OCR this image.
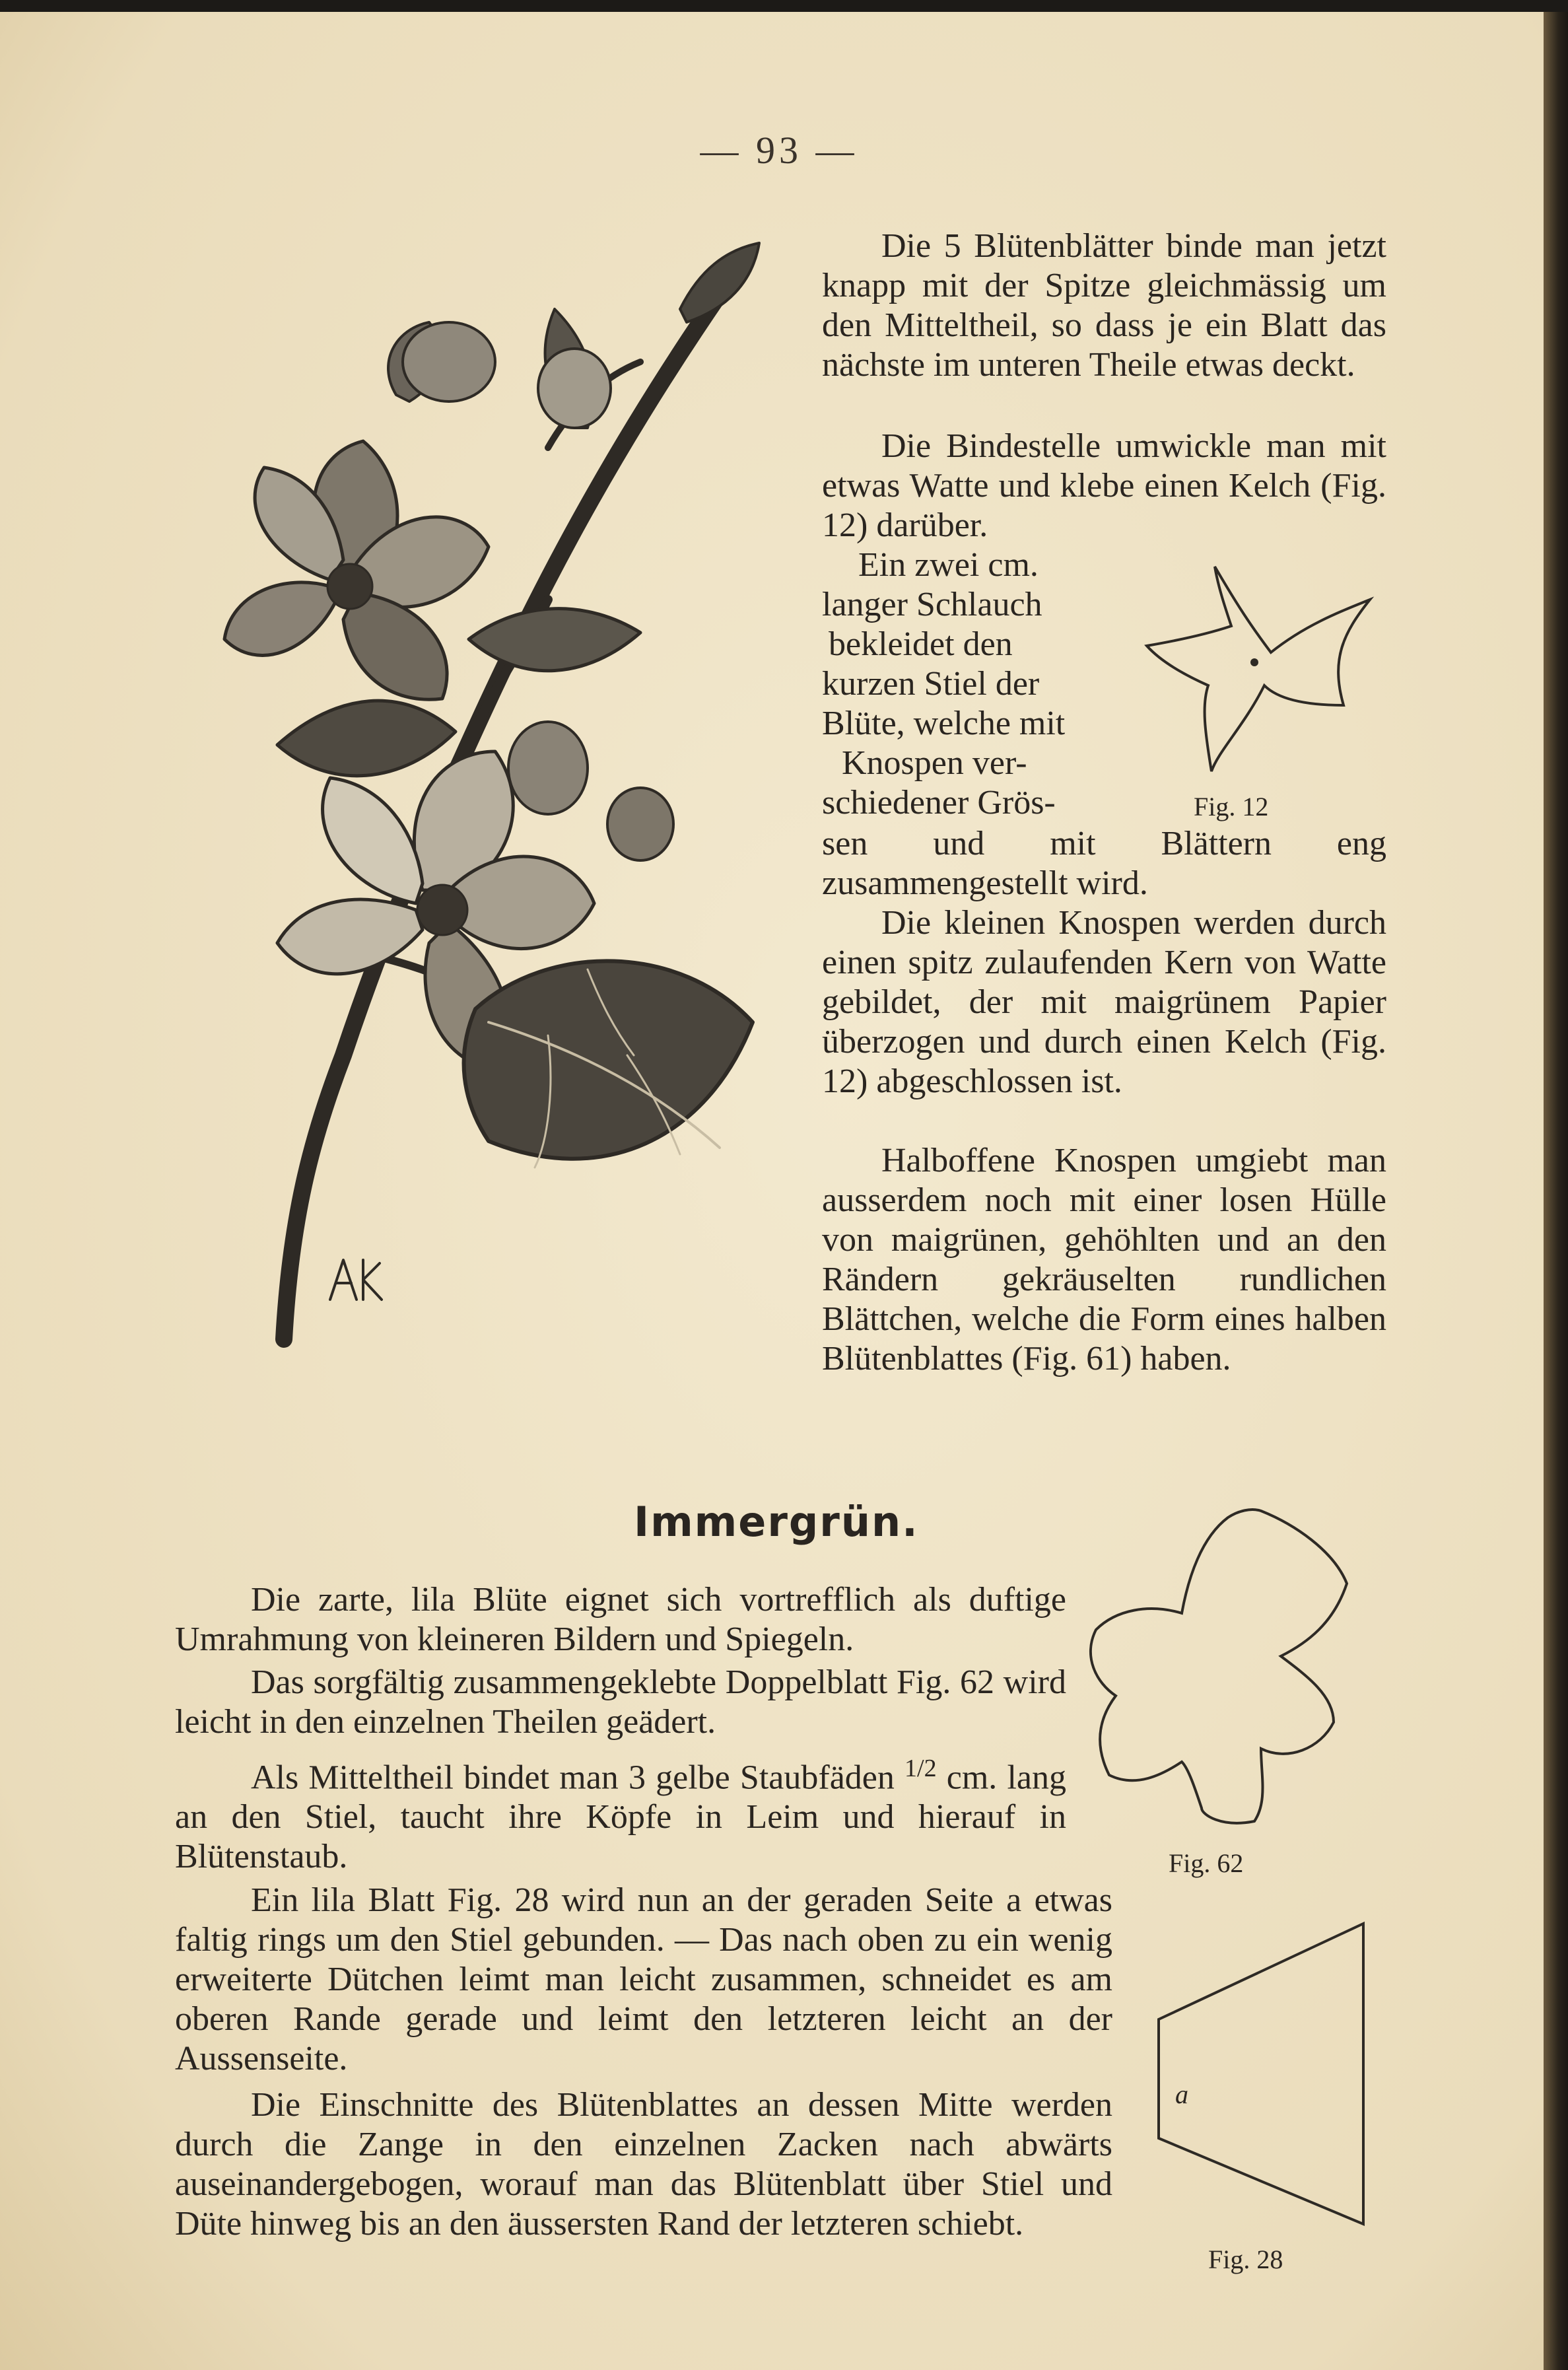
— 93 —

Die 5 Blütenblätter binde man jetzt knapp mit der Spitze gleichmässig um den Mitteltheil, so dass je ein Blatt das nächste im unteren Theile etwas deckt.

Die Bindestelle umwickle man mit etwas Watte und klebe einen Kelch (Fig. 12) darüber.

Ein zwei cm.
langer Schlauch
bekleidet den
kurzen Stiel der
Blüte, welche mit
Knospen ver-
schiedener Grös-	Fig. 12

sen und mit Blättern eng zusammengestellt wird.

Die kleinen Knospen werden durch einen spitz zulaufenden Kern von Watte gebildet, der mit maigrünem Papier überzogen und durch einen Kelch (Fig. 12) abgeschlossen ist.

Halboffene Knospen umgiebt man ausserdem noch mit einer losen Hülle von maigrünen, gehöhlten und an den Rändern gekräuselten rundlichen Blättchen, welche die Form eines halben Blütenblattes (Fig. 61) haben.

Immergrün.
Fig. 62

Die zarte, lila Blüte eignet sich vortrefflich als duftige Umrahmung von kleineren Bildern und Spiegeln.

Das sorgfältig zusammengeklebte Doppelblatt Fig. 62 wird leicht in den einzelnen Theilen geädert.

Als Mitteltheil bindet man 3 gelbe Staubfäden $^{1/2}$ cm. lang an den Stiel, taucht ihre Köpfe in Leim und hierauf in Blütenstaub.

Ein lila Blatt Fig. 28 wird nun an der geraden Seite a etwas faltig rings um den Stiel gebunden. — Das nach oben zu ein wenig erweiterte Dütchen leimt man leicht zusammen, schneidet es am oberen Rande gerade und leimt den letzteren leicht an der Aussenseite.

Die Einschnitte des Blütenblattes an dessen Mitte werden durch die Zange in den einzelnen Zacken nach abwärts auseinandergebogen, worauf man das Blütenblatt über Stiel und Düte hinweg bis an den äussersten Rand der letzteren schiebt.

a
Fig. 28
